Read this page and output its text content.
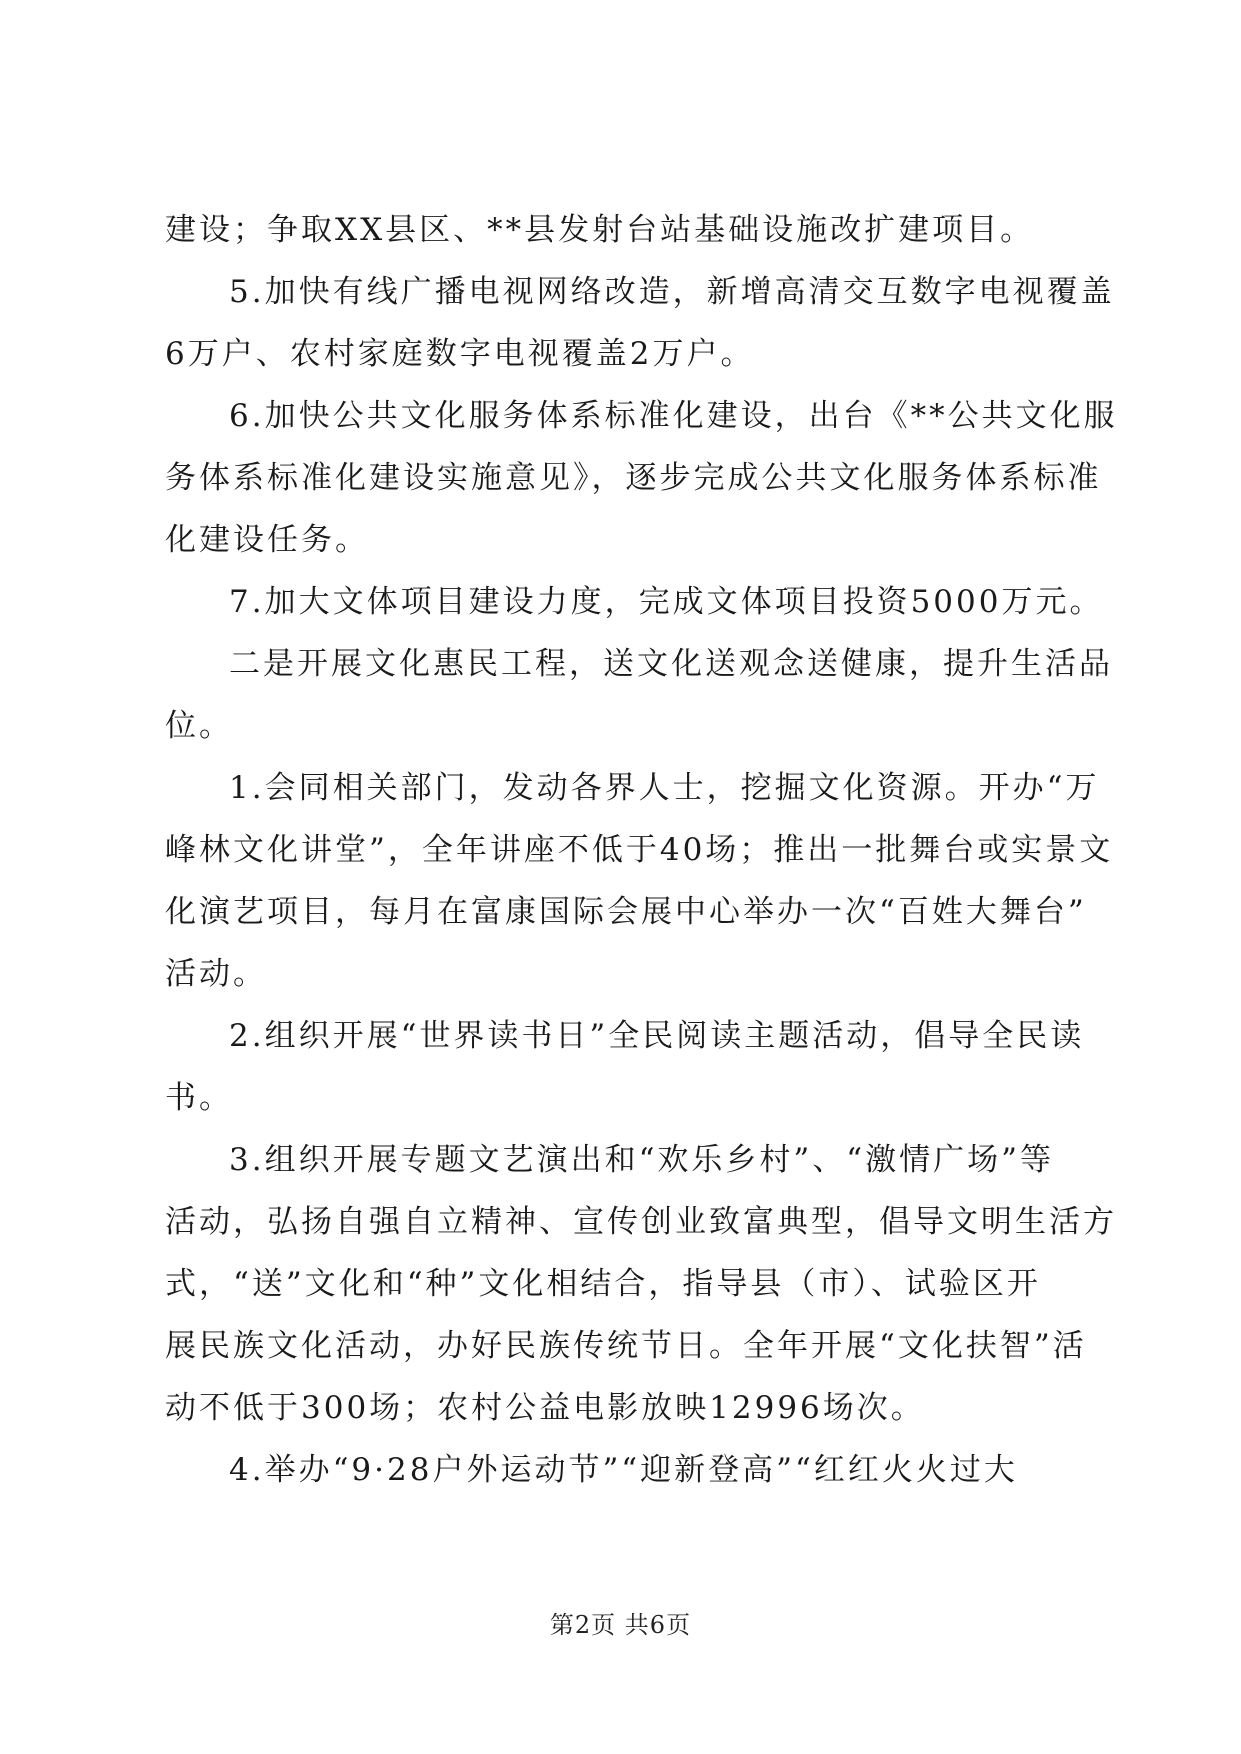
建设；争取XX县区、**县发射台站基础设施改扩建项目。
5.加快有线广播电视网络改造，新增高清交互数字电视覆盖
6万户、农村家庭数字电视覆盖2万户。
6.加快公共文化服务体系标准化建设，出台《**公共文化服
务体系标准化建设实施意见》，逐步完成公共文化服务体系标准
化建设任务。
7.加大文体项目建设力度，完成文体项目投资5000万元。
二是开展文化惠民工程，送文化送观念送健康，提升生活品
位。
1.会同相关部门，发动各界人士，挖掘文化资源。开办“万
峰林文化讲堂”，全年讲座不低于40场；推出一批舞台或实景文
化演艺项目，每月在富康国际会展中心举办一次“百姓大舞台”
活动。
2.组织开展“世界读书日”全民阅读主题活动，倡导全民读
书。
3.组织开展专题文艺演出和“欢乐乡村”、“激情广场”等
活动，弘扬自强自立精神、宣传创业致富典型，倡导文明生活方
式，“送”文化和“种”文化相结合，指导县（市）、试验区开
展民族文化活动，办好民族传统节日。全年开展“文化扶智”活
动不低于300场；农村公益电影放映12996场次。
4.举办“9·28户外运动节”“迎新登高”“红红火火过大
第2页 共6页
